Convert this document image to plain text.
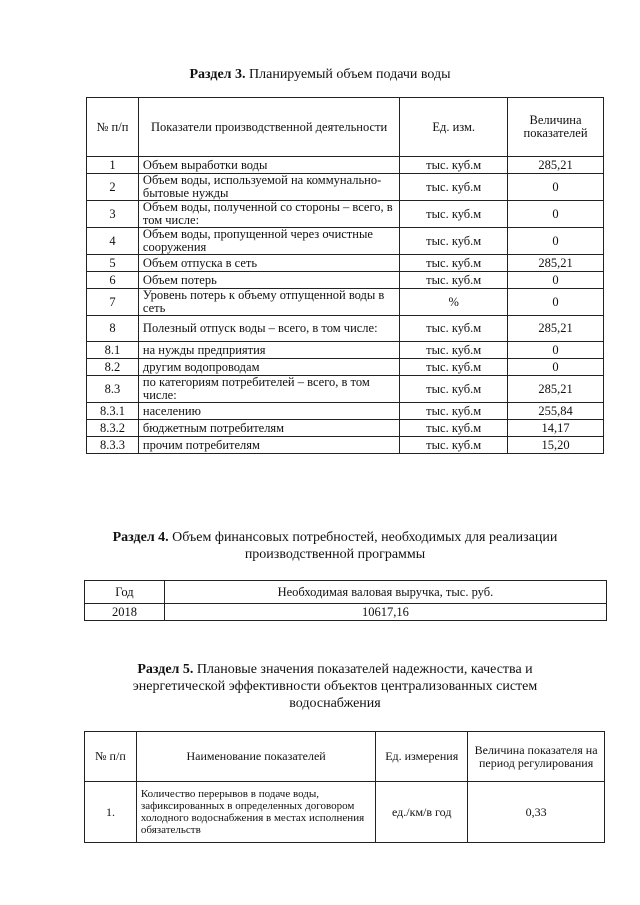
Раздел 3. Планируемый объем подачи воды
№ п/п	Показатели производственной деятельности	Ед. изм.	Величина показателей
1	Объем выработки воды	тыс. куб.м	285,21
2	Объем воды, используемой на коммунально-бытовые нужды	тыс. куб.м	0
3	Объем воды, полученной со стороны – всего, в том числе:	тыс. куб.м	0
4	Объем воды, пропущенной через очистные сооружения	тыс. куб.м	0
5	Объем отпуска в сеть	тыс. куб.м	285,21
6	Объем потерь	тыс. куб.м	0
7	Уровень потерь к объему отпущенной воды в сеть	%	0
8	Полезный отпуск воды – всего, в том числе:	тыс. куб.м	285,21
8.1	на нужды предприятия	тыс. куб.м	0
8.2	другим водопроводам	тыс. куб.м	0
8.3	по категориям потребителей – всего, в том числе:	тыс. куб.м	285,21
8.3.1	населению	тыс. куб.м	255,84
8.3.2	бюджетным потребителям	тыс. куб.м	14,17
8.3.3	прочим потребителям	тыс. куб.м	15,20
Раздел 4. Объем финансовых потребностей, необходимых для реализации
производственной программы
Год	Необходимая валовая выручка, тыс. руб.
2018	10617,16
Раздел 5. Плановые значения показателей надежности, качества и
энергетической эффективности объектов централизованных систем
водоснабжения
№ п/п	Наименование показателей	Ед. измерения	Величина показателя на период регулирования
1.	Количество перерывов в подаче воды, зафиксированных в определенных договором холодного водоснабжения в местах исполнения обязательств	ед./км/в год	0,33
